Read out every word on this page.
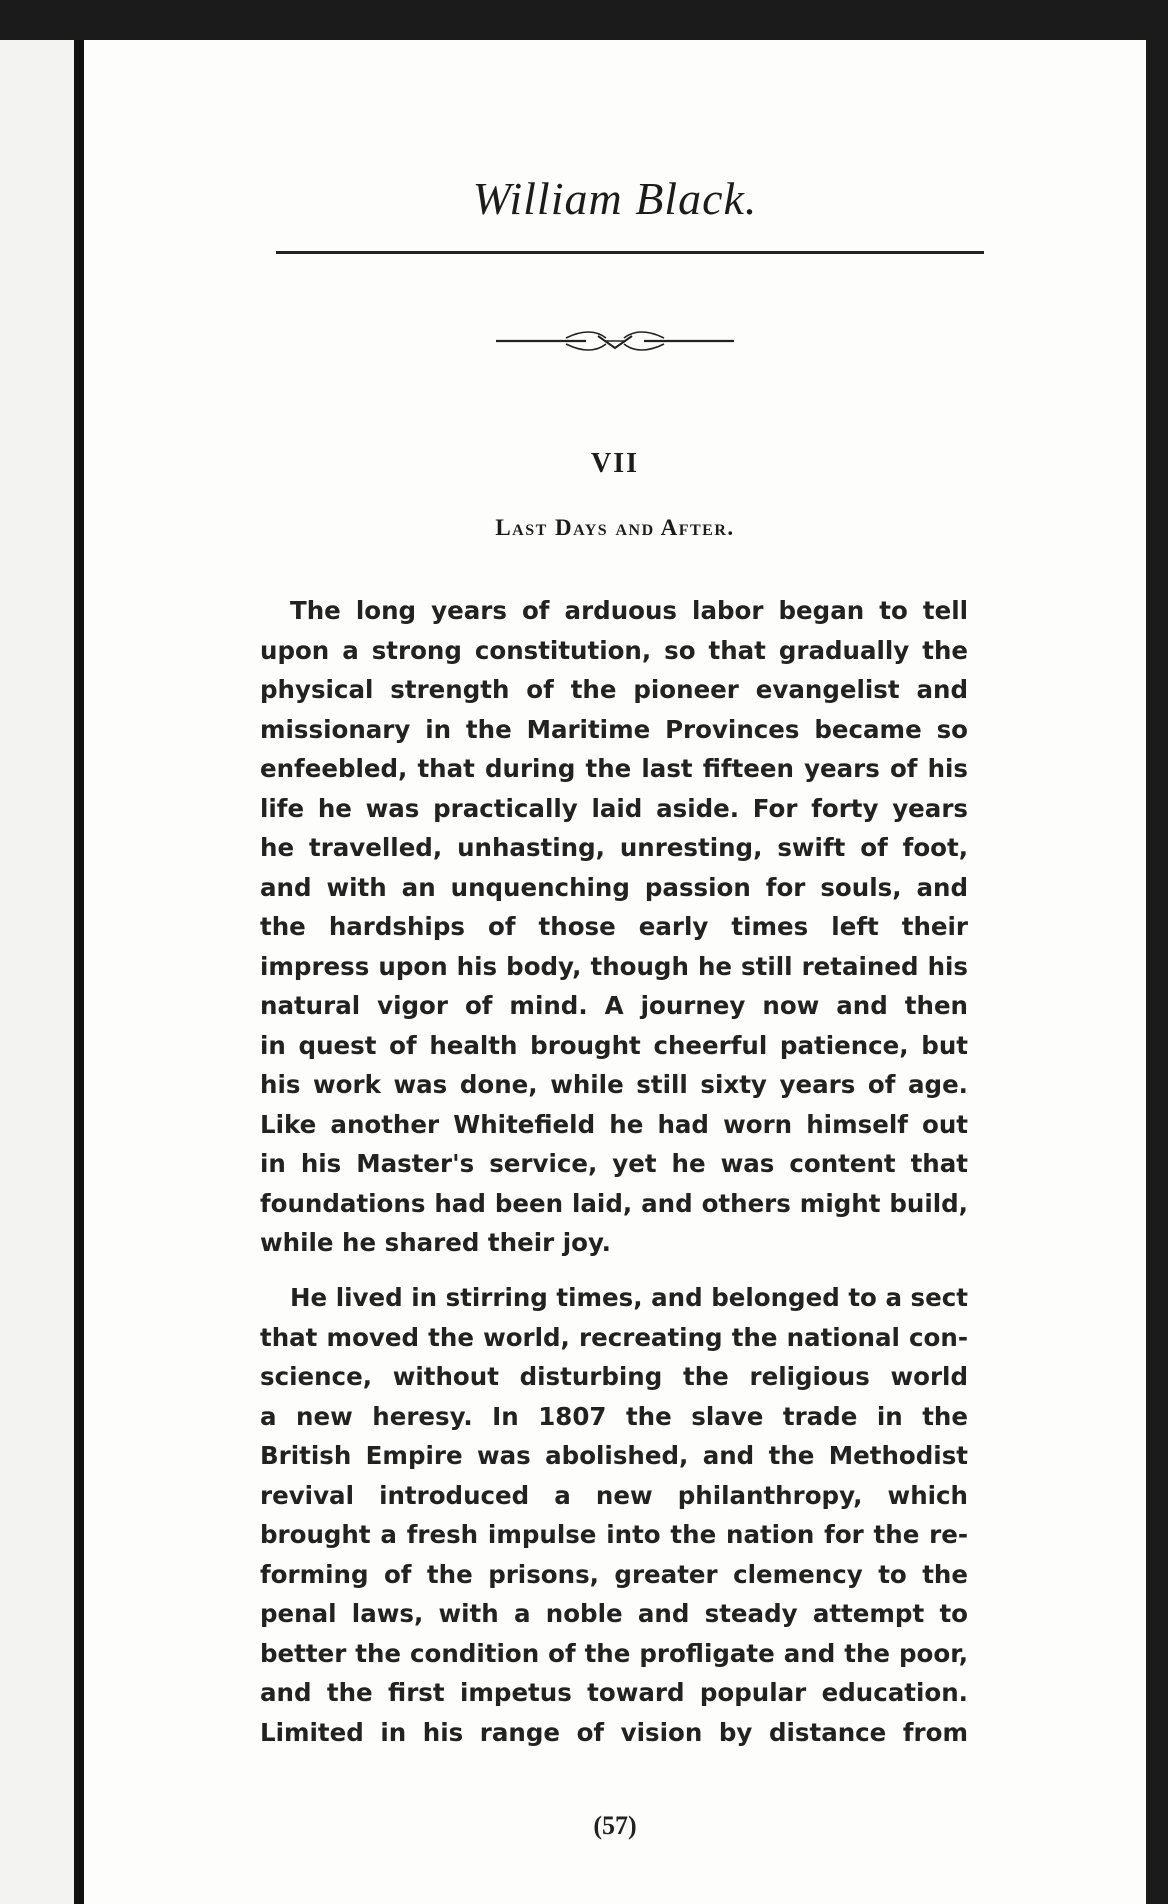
William Black.
VII
Last Days and After.
The long years of arduous labor began to tell
upon a strong constitution, so that gradually the
physical strength of the pioneer evangelist and
missionary in the Maritime Provinces became so
enfeebled, that during the last fifteen years of his
life he was practically laid aside. For forty years
he travelled, unhasting, unresting, swift of foot,
and with an unquenching passion for souls, and
the hardships of those early times left their
impress upon his body, though he still retained his
natural vigor of mind. A journey now and then
in quest of health brought cheerful patience, but
his work was done, while still sixty years of age.
Like another Whitefield he had worn himself out
in his Master's service, yet he was content that
foundations had been laid, and others might build,
while he shared their joy.
He lived in stirring times, and belonged to a sect
that moved the world, recreating the national con-
science, without disturbing the religious world
a new heresy. In 1807 the slave trade in the
British Empire was abolished, and the Methodist
revival introduced a new philanthropy, which
brought a fresh impulse into the nation for the re-
forming of the prisons, greater clemency to the
penal laws, with a noble and steady attempt to
better the condition of the profligate and the poor,
and the first impetus toward popular education.
Limited in his range of vision by distance from
(57)
